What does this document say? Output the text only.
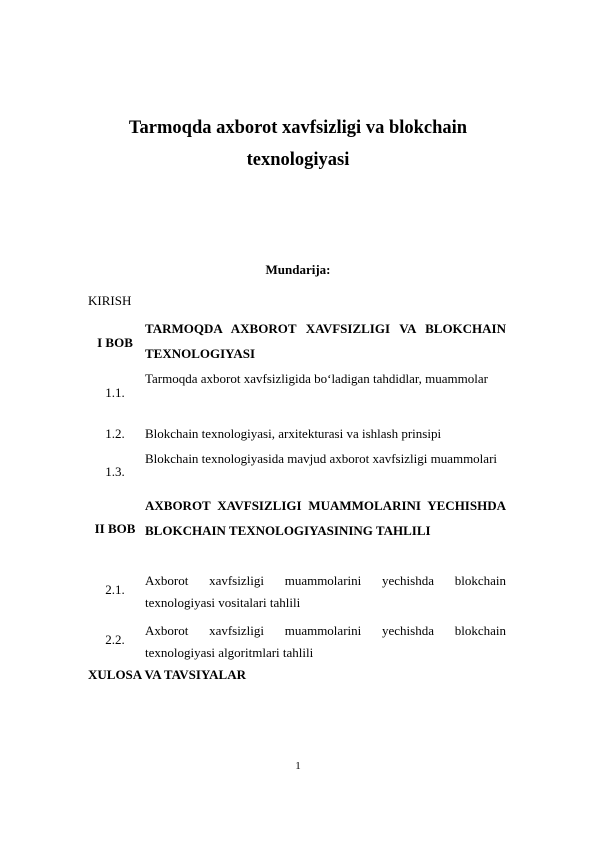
Tarmoqda axborot xavfsizligi va blokchain
texnologiyasi
Mundarija:
KIRISH
I BOB
TARMOQDA AXBOROT XAVFSIZLIGI VA BLOKCHAIN TEXNOLOGIYASI
1.1.
Tarmoqda axborot xavfsizligida bo‘ladigan tahdidlar, muammolar
1.2.	Blokchain texnologiyasi, arxitekturasi va ishlash prinsipi
1.3.
Blokchain texnologiyasida mavjud axborot xavfsizligi muammolari
II BOB
AXBOROT XAVFSIZLIGI MUAMMOLARINI YECHISHDA BLOKCHAIN TEXNOLOGIYASINING TAHLILI
2.1.
Axborot xavfsizligi muammolarini yechishda blokchain texnologiyasi vositalari tahlili
2.2.
Axborot xavfsizligi muammolarini yechishda blokchain texnologiyasi algoritmlari tahlili
XULOSA VA TAVSIYALAR
1
